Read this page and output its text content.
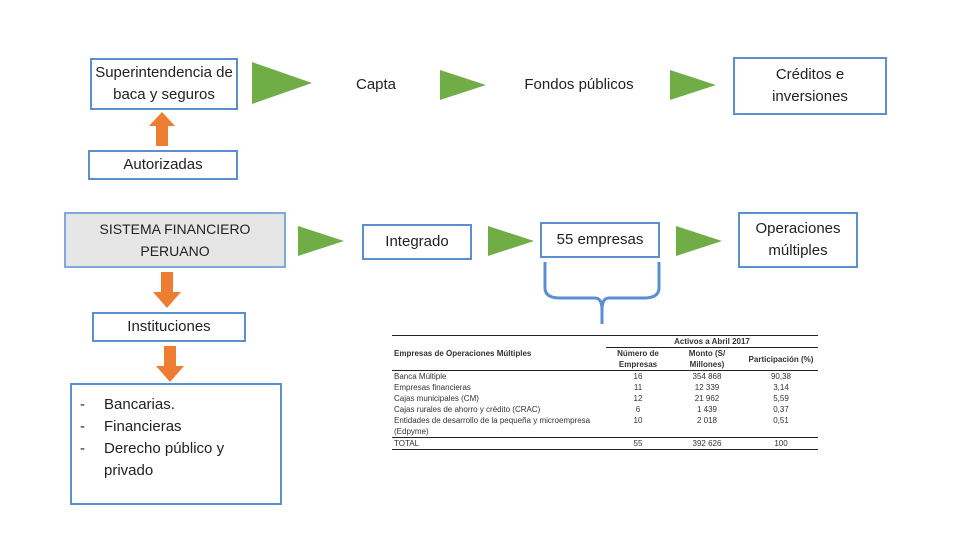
Superintendencia de baca y seguros
Capta	Fondos públicos
Créditos e inversiones
Autorizadas
SISTEMA FINANCIERO PERUANO
Integrado	55 empresas
Operaciones múltiples
Instituciones
-	Bancarias.
-	Financieras
-	Derecho público y privado
	Activos a Abril 2017		
Empresas de Operaciones Múltiples	Número de Empresas	Monto (S/ Millones)	Participación (%)
Banca Múltiple	16	354 868	90,38
Empresas financieras	11	12 339	3,14
Cajas municipales (CM)	12	21 962	5,59
Cajas rurales de ahorro y crédito (CRAC)	6	1 439	0,37
Entidades de desarrollo de la pequeña y microempresa (Edpyme)	10	2 018	0,51
TOTAL	55	392 626	100
